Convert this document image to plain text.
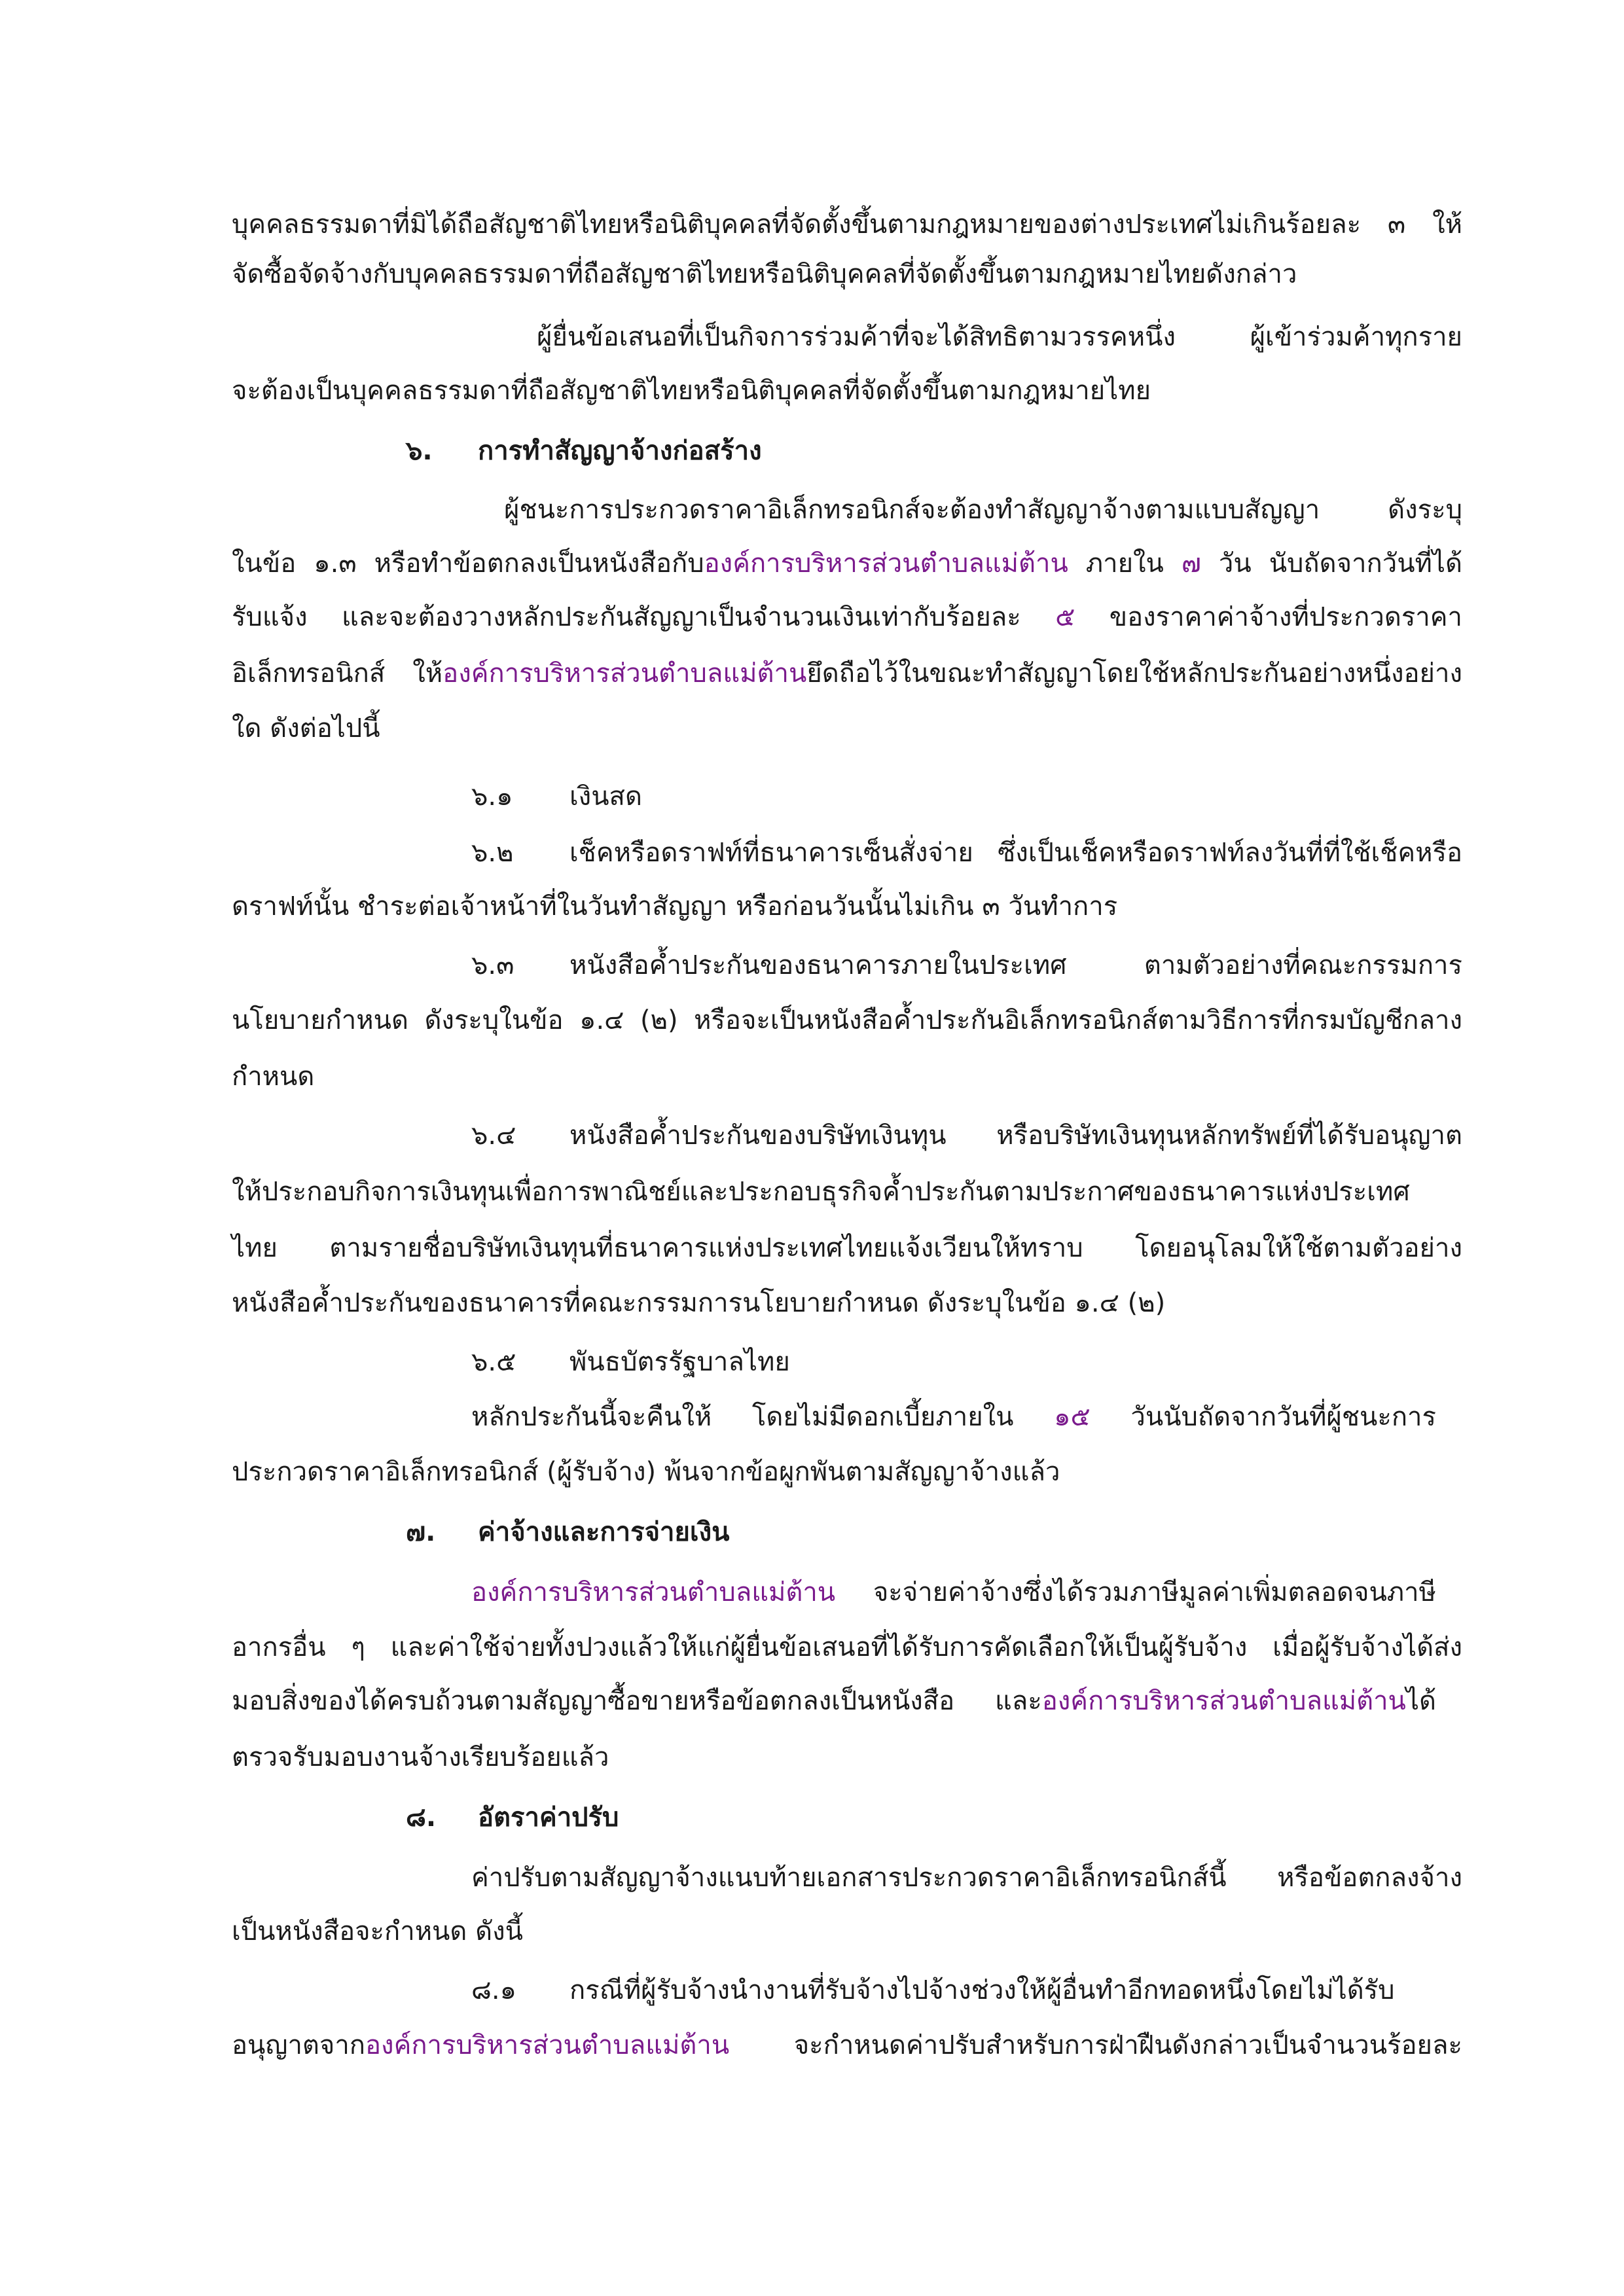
บุคคลธรรมดาที่มิได้ถือสัญชาติไทยหรือนิติบุคคลที่จัดตั้งขึ้นตามกฎหมายของต่างประเทศไม่เกินร้อยละ ๓ ให้
จัดซื้อจัดจ้างกับบุคคลธรรมดาที่ถือสัญชาติไทยหรือนิติบุคคลที่จัดตั้งขึ้นตามกฎหมายไทยดังกล่าว
ผู้ยื่นข้อเสนอที่เป็นกิจการร่วมค้าที่จะได้สิทธิตามวรรคหนึ่ง ผู้เข้าร่วมค้าทุกราย
จะต้องเป็นบุคคลธรรมดาที่ถือสัญชาติไทยหรือนิติบุคคลที่จัดตั้งขึ้นตามกฎหมายไทย
๖. การทำสัญญาจ้างก่อสร้าง
ผู้ชนะการประกวดราคาอิเล็กทรอนิกส์จะต้องทำสัญญาจ้างตามแบบสัญญา ดังระบุ
ในข้อ ๑.๓ หรือทำข้อตกลงเป็นหนังสือกับองค์การบริหารส่วนตำบลแม่ต้าน ภายใน ๗ วัน นับถัดจากวันที่ได้
รับแจ้ง และจะต้องวางหลักประกันสัญญาเป็นจำนวนเงินเท่ากับร้อยละ ๕ ของราคาค่าจ้างที่ประกวดราคา
อิเล็กทรอนิกส์ ให้องค์การบริหารส่วนตำบลแม่ต้านยึดถือไว้ในขณะทำสัญญาโดยใช้หลักประกันอย่างหนึ่งอย่าง
ใด ดังต่อไปนี้
๖.๑ เงินสด
๖.๒ เช็คหรือดราฟท์ที่ธนาคารเซ็นสั่งจ่าย ซึ่งเป็นเช็คหรือดราฟท์ลงวันที่ที่ใช้เช็คหรือ
ดราฟท์นั้น ชำระต่อเจ้าหน้าที่ในวันทำสัญญา หรือก่อนวันนั้นไม่เกิน ๓ วันทำการ
๖.๓ หนังสือค้ำประกันของธนาคารภายในประเทศ ตามตัวอย่างที่คณะกรรมการ
นโยบายกำหนด ดังระบุในข้อ ๑.๔ (๒) หรือจะเป็นหนังสือค้ำประกันอิเล็กทรอนิกส์ตามวิธีการที่กรมบัญชีกลาง
กำหนด
๖.๔ หนังสือค้ำประกันของบริษัทเงินทุน หรือบริษัทเงินทุนหลักทรัพย์ที่ได้รับอนุญาต
ให้ประกอบกิจการเงินทุนเพื่อการพาณิชย์และประกอบธุรกิจค้ำประกันตามประกาศของธนาคารแห่งประเทศ
ไทย ตามรายชื่อบริษัทเงินทุนที่ธนาคารแห่งประเทศไทยแจ้งเวียนให้ทราบ โดยอนุโลมให้ใช้ตามตัวอย่าง
หนังสือค้ำประกันของธนาคารที่คณะกรรมการนโยบายกำหนด ดังระบุในข้อ ๑.๔ (๒)
๖.๕ พันธบัตรรัฐบาลไทย
หลักประกันนี้จะคืนให้ โดยไม่มีดอกเบี้ยภายใน ๑๕ วันนับถัดจากวันที่ผู้ชนะการ
ประกวดราคาอิเล็กทรอนิกส์ (ผู้รับจ้าง) พ้นจากข้อผูกพันตามสัญญาจ้างแล้ว
๗. ค่าจ้างและการจ่ายเงิน
องค์การบริหารส่วนตำบลแม่ต้าน จะจ่ายค่าจ้างซึ่งได้รวมภาษีมูลค่าเพิ่มตลอดจนภาษี
อากรอื่น ๆ และค่าใช้จ่ายทั้งปวงแล้วให้แก่ผู้ยื่นข้อเสนอที่ได้รับการคัดเลือกให้เป็นผู้รับจ้าง เมื่อผู้รับจ้างได้ส่ง
มอบสิ่งของได้ครบถ้วนตามสัญญาซื้อขายหรือข้อตกลงเป็นหนังสือ และองค์การบริหารส่วนตำบลแม่ต้านได้
ตรวจรับมอบงานจ้างเรียบร้อยแล้ว
๘. อัตราค่าปรับ
ค่าปรับตามสัญญาจ้างแนบท้ายเอกสารประกวดราคาอิเล็กทรอนิกส์นี้ หรือข้อตกลงจ้าง
เป็นหนังสือจะกำหนด ดังนี้
๘.๑ กรณีที่ผู้รับจ้างนำงานที่รับจ้างไปจ้างช่วงให้ผู้อื่นทำอีกทอดหนึ่งโดยไม่ได้รับ
อนุญาตจากองค์การบริหารส่วนตำบลแม่ต้าน จะกำหนดค่าปรับสำหรับการฝ่าฝืนดังกล่าวเป็นจำนวนร้อยละ
